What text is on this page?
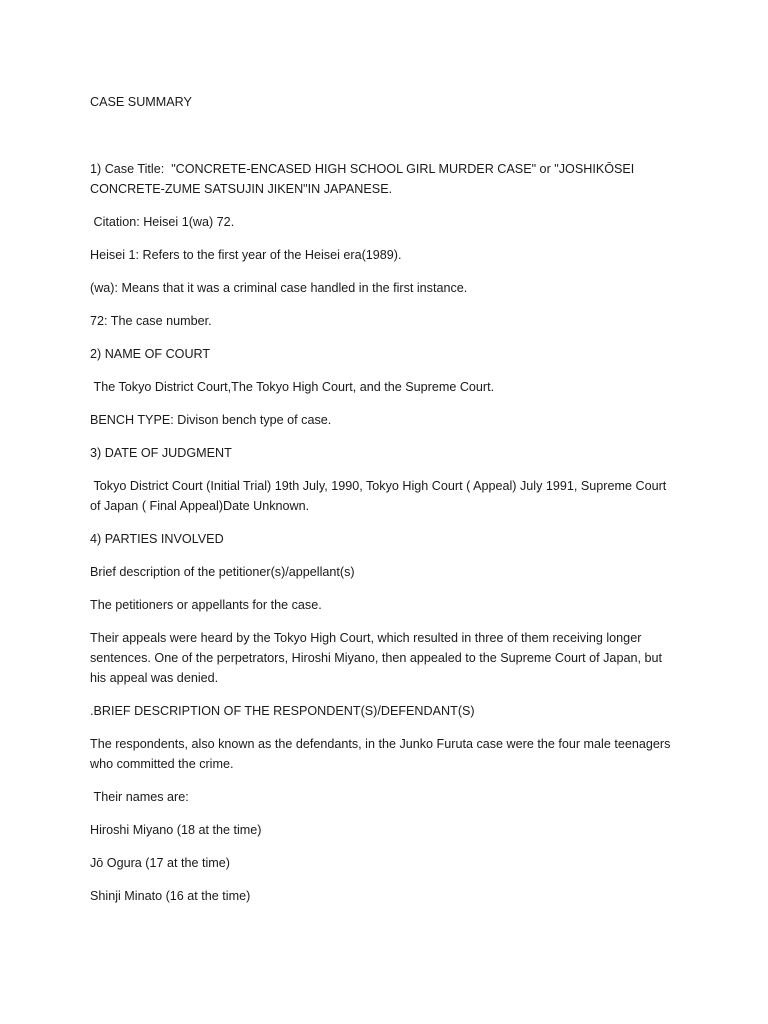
CASE SUMMARY

1) Case Title:  "CONCRETE-ENCASED HIGH SCHOOL GIRL MURDER CASE" or "JOSHIKŌSEI CONCRETE-ZUME SATSUJIN JIKEN"IN JAPANESE.

Citation: Heisei 1(wa) 72.

Heisei 1: Refers to the first year of the Heisei era(1989).

(wa): Means that it was a criminal case handled in the first instance.

72: The case number.

2) NAME OF COURT

The Tokyo District Court,The Tokyo High Court, and the Supreme Court.

BENCH TYPE: Divison bench type of case.

3) DATE OF JUDGMENT

Tokyo District Court (Initial Trial) 19th July, 1990, Tokyo High Court ( Appeal) July 1991, Supreme Court of Japan ( Final Appeal)Date Unknown.

4) PARTIES INVOLVED

Brief description of the petitioner(s)/appellant(s)

The petitioners or appellants for the case.

Their appeals were heard by the Tokyo High Court, which resulted in three of them receiving longer sentences. One of the perpetrators, Hiroshi Miyano, then appealed to the Supreme Court of Japan, but his appeal was denied.

.BRIEF DESCRIPTION OF THE RESPONDENT(S)/DEFENDANT(S)

The respondents, also known as the defendants, in the Junko Furuta case were the four male teenagers who committed the crime.

Their names are:

Hiroshi Miyano (18 at the time)

Jō Ogura (17 at the time)

Shinji Minato (16 at the time)
